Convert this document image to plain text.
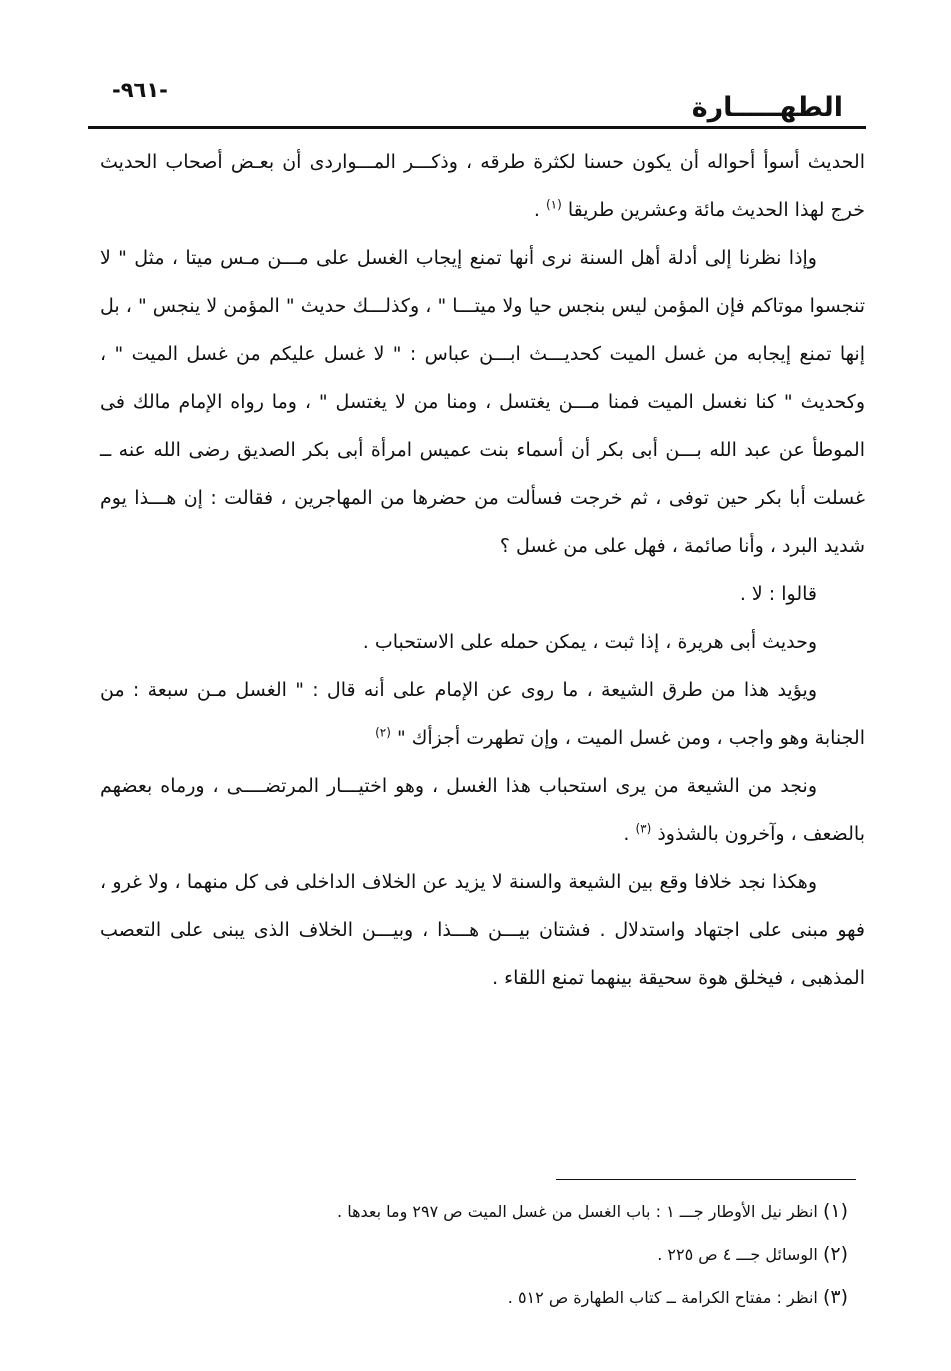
-٩٦١-
الطهـــــارة

الحديث أسوأ أحواله أن يكون حسنا لكثرة طرقه ، وذكـــر المـــواردى أن بعـض أصحاب الحديث خرج لهذا الحديث مائة وعشرين طريقا $^{(١)}$ .

وإذا نظرنا إلى أدلة أهل السنة نرى أنها تمنع إيجاب الغسل على مـــن مـس ميتا ، مثل " لا تنجسوا موتاكم فإن المؤمن ليس بنجس حيا ولا ميتـــا " ، وكذلـــك حديث " المؤمن لا ينجس " ، بل إنها تمنع إيجابه من غسل الميت كحديـــث ابـــن عباس : " لا غسل عليكم من غسل الميت " ، وكحديث " كنا نغسل الميت فمنا مـــن يغتسل ، ومنا من لا يغتسل " ، وما رواه الإمام مالك فى الموطأ عن عبد الله بـــن أبى بكر أن أسماء بنت عميس امرأة أبى بكر الصديق رضى الله عنه ــ غسلت أبا بكر حين توفى ، ثم خرجت فسألت من حضرها من المهاجرين ، فقالت : إن هـــذا يوم شديد البرد ، وأنا صائمة ، فهل على من غسل ؟

قالوا : لا .

وحديث أبى هريرة ، إذا ثبت ، يمكن حمله على الاستحباب .

ويؤيد هذا من طرق الشيعة ، ما روى عن الإمام على أنه قال : " الغسل مـن سبعة : من الجنابة وهو واجب ، ومن غسل الميت ، وإن تطهرت أجزأك " $^{(٢)}$

ونجد من الشيعة من يرى استحباب هذا الغسل ، وهو اختيـــار المرتضــــى ، ورماه بعضهم بالضعف ، وآخرون بالشذوذ $^{(٣)}$ .

وهكذا نجد خلافا وقع بين الشيعة والسنة لا يزيد عن الخلاف الداخلى فى كل منهما ، ولا غرو ، فهو مبنى على اجتهاد واستدلال . فشتان بيـــن هـــذا ، وبيـــن الخلاف الذى يبنى على التعصب المذهبى ، فيخلق هوة سحيقة بينهما تمنع اللقاء .

(١) انظر نيل الأوطار جـــ ١ : باب الغسل من غسل الميت ص ٢٩٧ وما بعدها .

(٢) الوسائل جـــ ٤ ص ٢٢٥ .

(٣) انظر : مفتاح الكرامة ــ كتاب الطهارة ص ٥١٢ .
